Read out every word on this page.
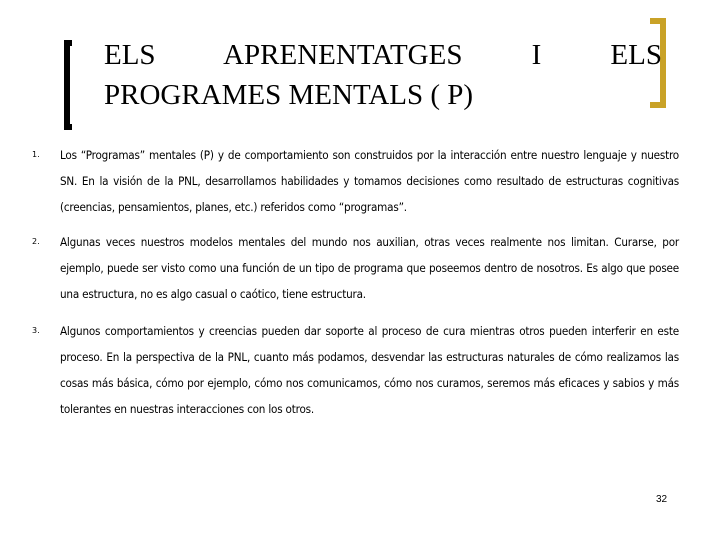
ELS APRENENTATGES I ELS
PROGRAMES MENTALS ( P)
1. Los “Programas” mentales (P) y de comportamiento son construidos por la interacción entre nuestro lenguaje y nuestro SN. En la visión de la PNL, desarrollamos habilidades y tomamos decisiones como resultado de estructuras cognitivas (creencias, pensamientos, planes, etc.) referidos como “programas”.
2. Algunas veces nuestros modelos mentales del mundo nos auxilian, otras veces realmente nos limitan. Curarse, por ejemplo, puede ser visto como una función de un tipo de programa que poseemos dentro de nosotros. Es algo que posee una estructura, no es algo casual o caótico, tiene estructura.
3. Algunos comportamientos y creencias pueden dar soporte al proceso de cura mientras otros pueden interferir en este proceso. En la perspectiva de la PNL, cuanto más podamos, desvendar las estructuras naturales de cómo realizamos las cosas más básica, cómo por ejemplo, cómo nos comunicamos, cómo nos curamos, seremos más eficaces y sabios y más tolerantes en nuestras interacciones con los otros.
32
